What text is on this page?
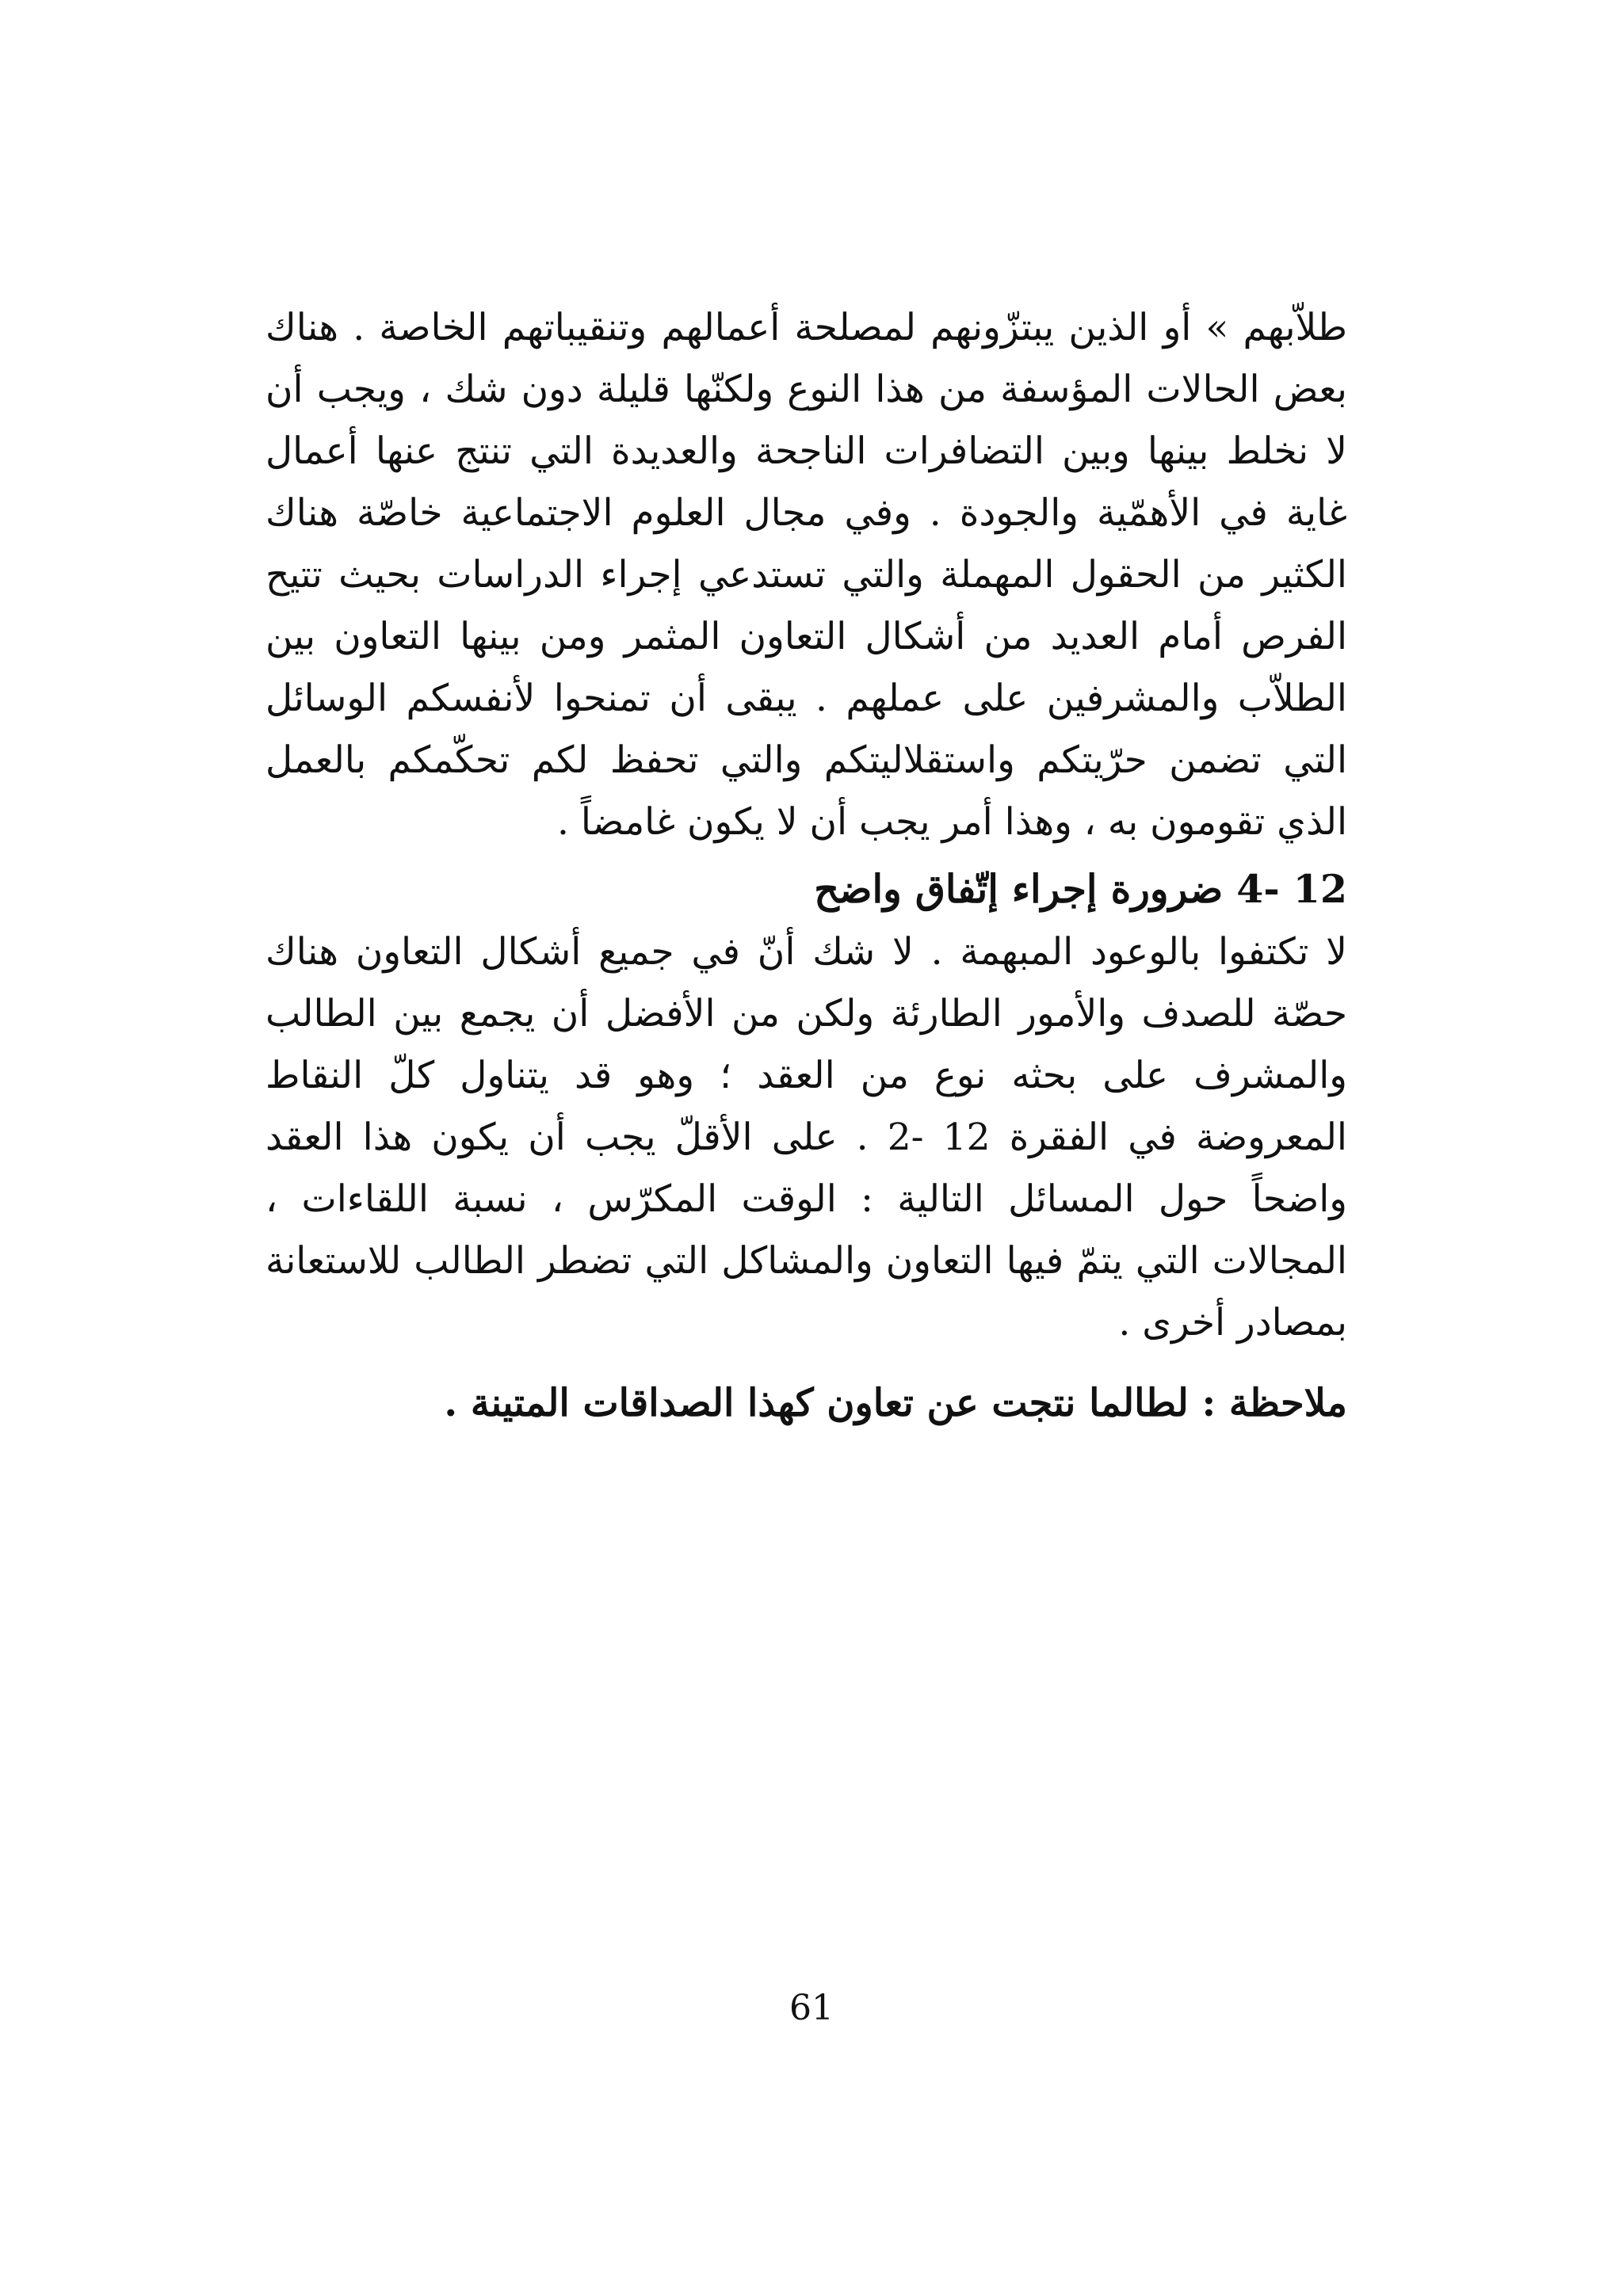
طلاّبهم » أو الذين يبتزّونهم لمصلحة أعمالهم وتنقيباتهم الخاصة . هناك بعض الحالات المؤسفة من هذا النوع ولكنّها قليلة دون شك ، ويجب أن لا نخلط بينها وبين التضافرات الناجحة والعديدة التي تنتج عنها أعمال غاية في الأهمّية والجودة . وفي مجال العلوم الاجتماعية خاصّة هناك الكثير من الحقول المهملة والتي تستدعي إجراء الدراسات بحيث تتيح الفرص أمام العديد من أشكال التعاون المثمر ومن بينها التعاون بين الطلاّب والمشرفين على عملهم . يبقى أن تمنحوا لأنفسكم الوسائل التي تضمن حرّيتكم واستقلاليتكم والتي تحفظ لكم تحكّمكم بالعمل الذي تقومون به ، وهذا أمر يجب أن لا يكون غامضاً .

12 -4 ضرورة إجراء إتّفاق واضح

لا تكتفوا بالوعود المبهمة . لا شك أنّ في جميع أشكال التعاون هناك حصّة للصدف والأمور الطارئة ولكن من الأفضل أن يجمع بين الطالب والمشرف على بحثه نوع من العقد ؛ وهو قد يتناول كلّ النقاط المعروضة في الفقرة 12 -2 . على الأقلّ يجب أن يكون هذا العقد واضحاً حول المسائل التالية : الوقت المكرّس ، نسبة اللقاءات ، المجالات التي يتمّ فيها التعاون والمشاكل التي تضطر الطالب للاستعانة بمصادر أخرى .

ملاحظة : لطالما نتجت عن تعاون كهذا الصداقات المتينة .

61
